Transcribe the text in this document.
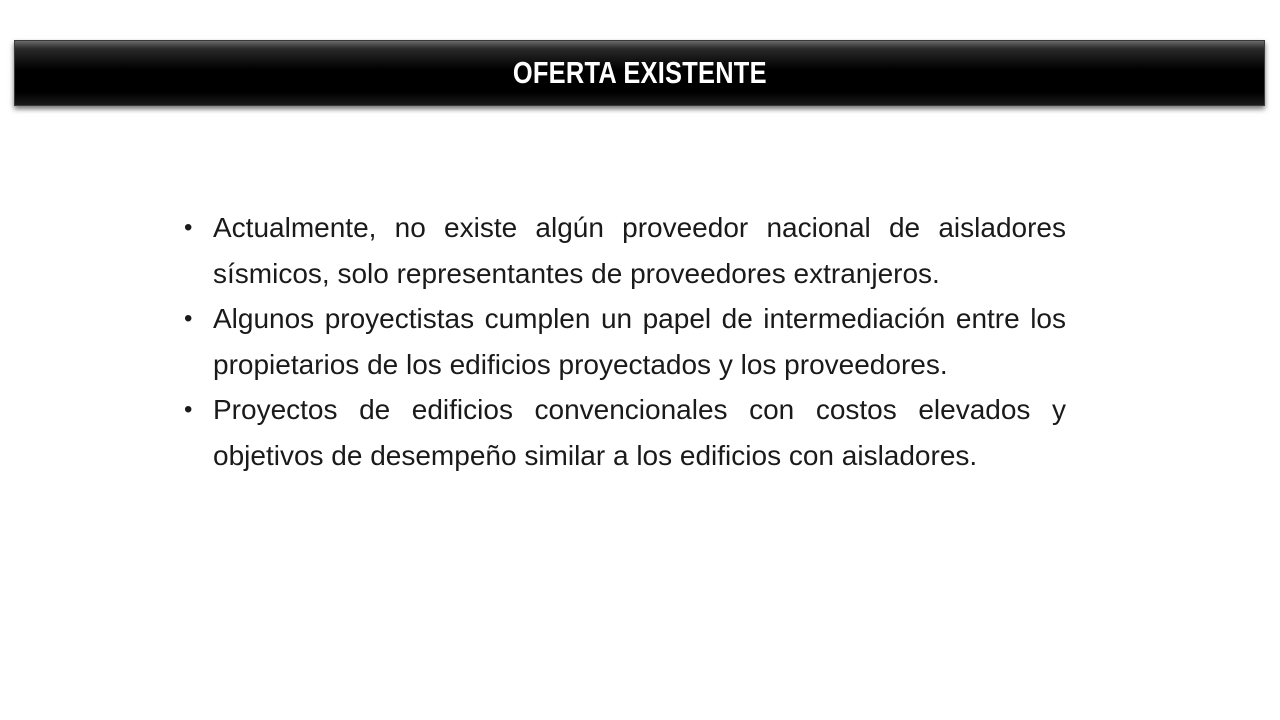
OFERTA EXISTENTE
• Actualmente, no existe algún proveedor nacional de aisladores sísmicos, solo representantes de proveedores extranjeros.
• Algunos proyectistas cumplen un papel de intermediación entre los propietarios de los edificios proyectados y los proveedores.
• Proyectos de edificios convencionales con costos elevados y objetivos de desempeño similar a los edificios con aisladores.
